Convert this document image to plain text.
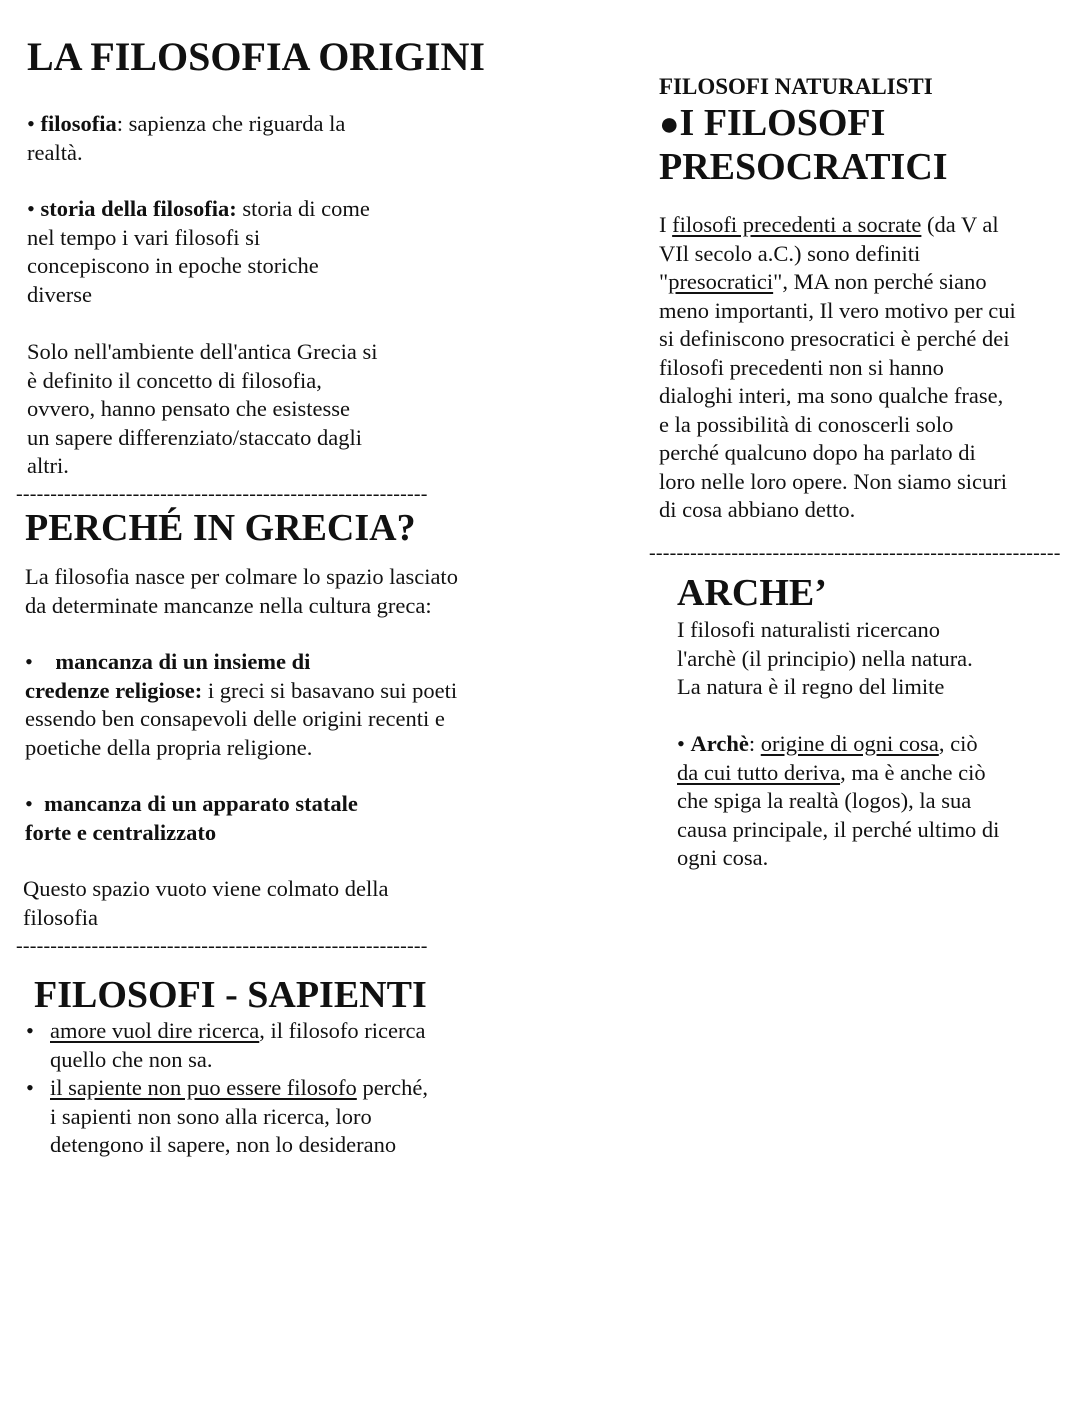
LA FILOSOFIA ORIGINI
• filosofia: sapienza che riguarda la
realtà.
• storia della filosofia: storia di come
nel tempo i vari filosofi si
concepiscono in epoche storiche
diverse
Solo nell'ambiente dell'antica Grecia si
è definito il concetto di filosofia,
ovvero, hanno pensato che esistesse
un sapere differenziato/staccato dagli
altri.
------------------------------------------------------------
PERCHÉ IN GRECIA?
La filosofia nasce per colmare lo spazio lasciato
da determinate mancanze nella cultura greca:
• mancanza di un insieme di
credenze religiose: i greci si basavano sui poeti
essendo ben consapevoli delle origini recenti e
poetiche della propria religione.
• mancanza di un apparato statale
forte e centralizzato
Questo spazio vuoto viene colmato della
filosofia
------------------------------------------------------------
FILOSOFI - SAPIENTI
• amore vuol dire ricerca, il filosofo ricerca
quello che non sa.
• il sapiente non puo essere filosofo perché,
i sapienti non sono alla ricerca, loro
detengono il sapere, non lo desiderano
FILOSOFI NATURALISTI
●I FILOSOFI
PRESOCRATICI
I filosofi precedenti a socrate (da V al
VIl secolo a.C.) sono definiti
"presocratici", MA non perché siano
meno importanti, Il vero motivo per cui
si definiscono presocratici è perché dei
filosofi precedenti non si hanno
dialoghi interi, ma sono qualche frase,
e la possibilità di conoscerli solo
perché qualcuno dopo ha parlato di
loro nelle loro opere. Non siamo sicuri
di cosa abbiano detto.
------------------------------------------------------------
ARCHE’
I filosofi naturalisti ricercano
l'archè (il principio) nella natura.
La natura è il regno del limite
• Archè: origine di ogni cosa, ciò
da cui tutto deriva, ma è anche ciò
che spiga la realtà (logos), la sua
causa principale, il perché ultimo di
ogni cosa.
